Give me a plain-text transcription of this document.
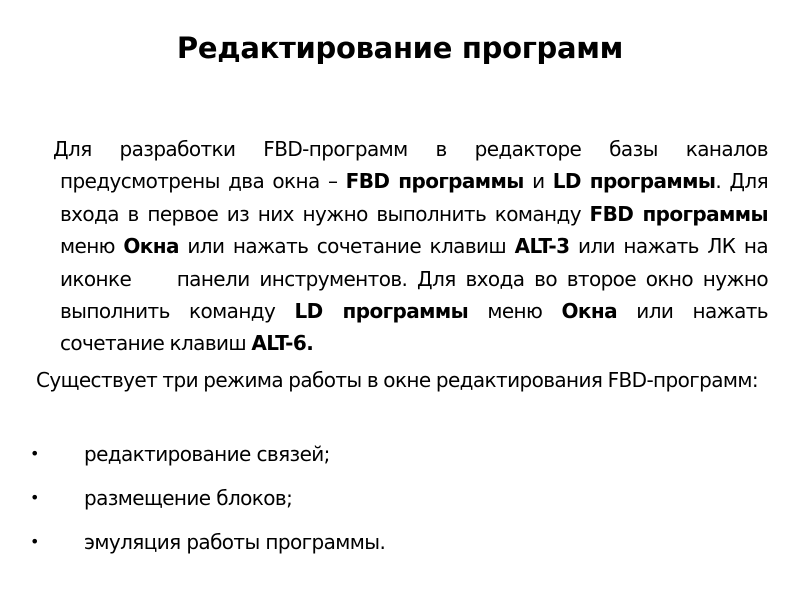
Редактирование программ
Для разработки FBD-программ в редакторе базы каналов предусмотрены два окна – FBD программы и LD программы. Для входа в первое из них нужно выполнить команду FBD программы меню Окна или нажать сочетание клавиш ALT-3 или нажать ЛК на иконке  панели инструментов. Для входа во второе окно нужно выполнить команду LD программы меню Окна или нажать сочетание клавиш ALT-6.
Существует три режима работы в окне редактирования FBD-программ:
• редактирование связей;
• размещение блоков;
• эмуляция работы программы.
